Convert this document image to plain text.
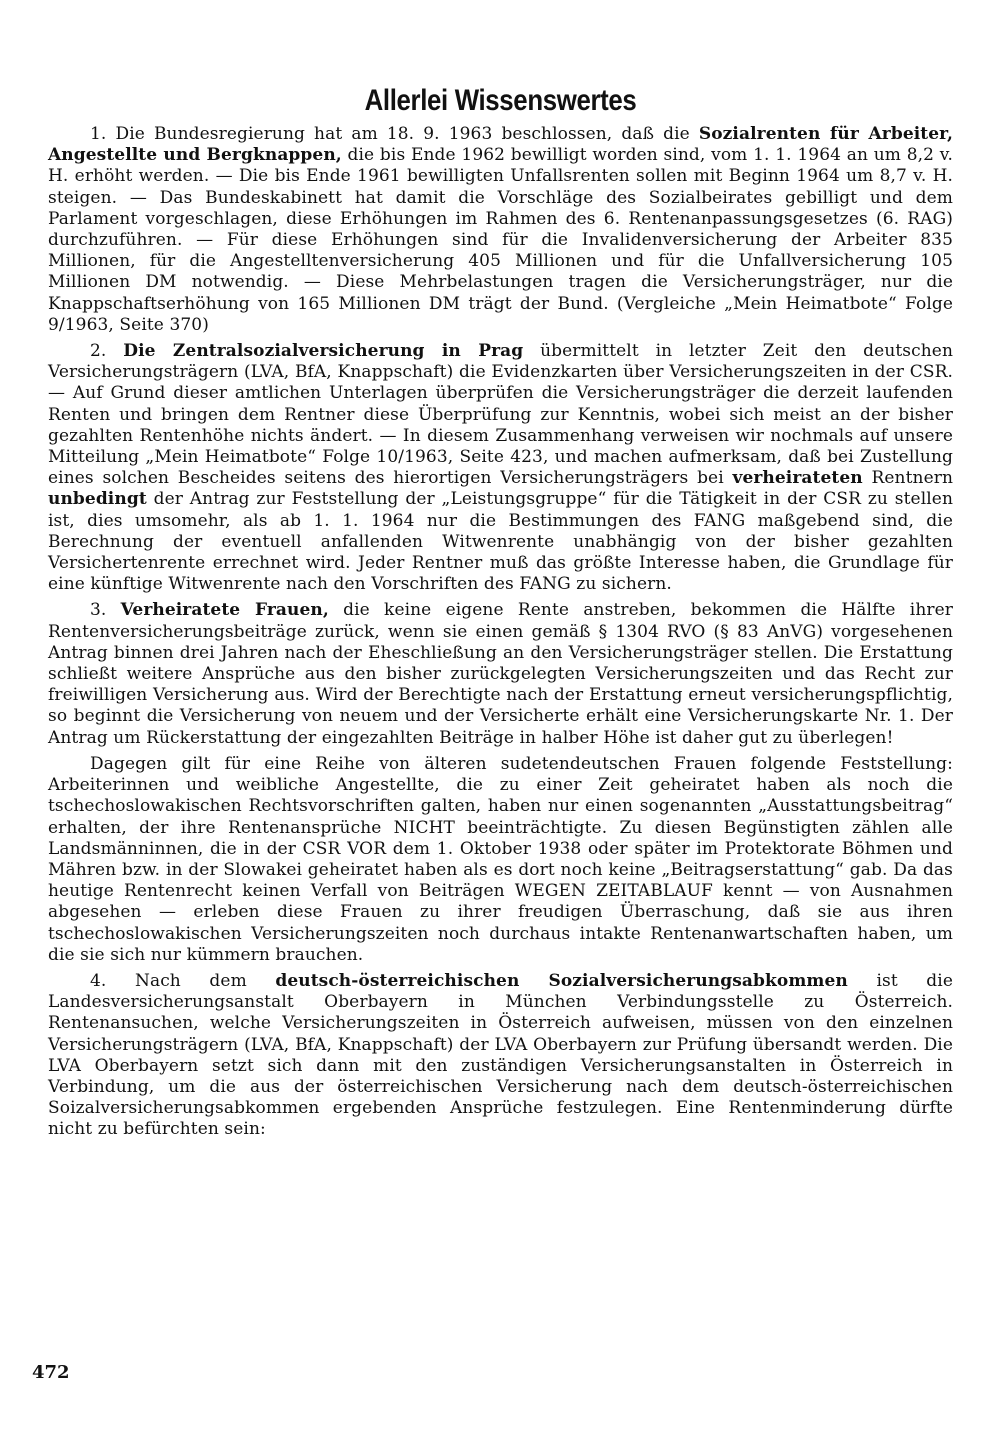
Allerlei Wissenswertes

1. Die Bundesregierung hat am 18. 9. 1963 beschlossen, daß die Sozialrenten für Arbeiter, Angestellte und Bergknappen, die bis Ende 1962 bewilligt worden sind, vom 1. 1. 1964 an um 8,2 v. H. erhöht werden. — Die bis Ende 1961 bewilligten Unfallsrenten sollen mit Beginn 1964 um 8,7 v. H. steigen. — Das Bundeskabinett hat damit die Vorschläge des Sozialbeirates gebilligt und dem Parlament vorgeschlagen, diese Erhöhungen im Rahmen des 6. Rentenanpassungsgesetzes (6. RAG) durchzuführen. — Für diese Erhöhungen sind für die Invalidenversicherung der Arbeiter 835 Millionen, für die Angestelltenversicherung 405 Millionen und für die Unfallversicherung 105 Millionen DM notwendig. — Diese Mehrbelastungen tragen die Versicherungsträger, nur die Knappschaftserhöhung von 165 Millionen DM trägt der Bund. (Vergleiche „Mein Heimatbote“ Folge 9/1963, Seite 370)

2. Die Zentralsozialversicherung in Prag übermittelt in letzter Zeit den deutschen Versicherungsträgern (LVA, BfA, Knappschaft) die Evidenzkarten über Versicherungszeiten in der CSR. — Auf Grund dieser amtlichen Unterlagen überprüfen die Versicherungsträger die derzeit laufenden Renten und bringen dem Rentner diese Überprüfung zur Kenntnis, wobei sich meist an der bisher gezahlten Rentenhöhe nichts ändert. — In diesem Zusammenhang verweisen wir nochmals auf unsere Mitteilung „Mein Heimatbote“ Folge 10/1963, Seite 423, und machen aufmerksam, daß bei Zustellung eines solchen Bescheides seitens des hierortigen Versicherungsträgers bei verheirateten Rentnern unbedingt der Antrag zur Feststellung der „Leistungsgruppe“ für die Tätigkeit in der CSR zu stellen ist, dies umsomehr, als ab 1. 1. 1964 nur die Bestimmungen des FANG maßgebend sind, die Berechnung der eventuell anfallenden Witwenrente unabhängig von der bisher gezahlten Versichertenrente errechnet wird. Jeder Rentner muß das größte Interesse haben, die Grundlage für eine künftige Witwenrente nach den Vorschriften des FANG zu sichern.

3. Verheiratete Frauen, die keine eigene Rente anstreben, bekommen die Hälfte ihrer Rentenversicherungsbeiträge zurück, wenn sie einen gemäß § 1304 RVO (§ 83 AnVG) vorgesehenen Antrag binnen drei Jahren nach der Eheschließung an den Versicherungsträger stellen. Die Erstattung schließt weitere Ansprüche aus den bisher zurückgelegten Versicherungszeiten und das Recht zur freiwilligen Versicherung aus. Wird der Berechtigte nach der Erstattung erneut versicherungspflichtig, so beginnt die Versicherung von neuem und der Versicherte erhält eine Versicherungskarte Nr. 1. Der Antrag um Rückerstattung der eingezahlten Beiträge in halber Höhe ist daher gut zu überlegen!

Dagegen gilt für eine Reihe von älteren sudetendeutschen Frauen folgende Feststellung: Arbeiterinnen und weibliche Angestellte, die zu einer Zeit geheiratet haben als noch die tschechoslowakischen Rechtsvorschriften galten, haben nur einen sogenannten „Ausstattungsbeitrag“ erhalten, der ihre Rentenansprüche NICHT beeinträchtigte. Zu diesen Begünstigten zählen alle Landsmänninnen, die in der CSR VOR dem 1. Oktober 1938 oder später im Protektorate Böhmen und Mähren bzw. in der Slowakei geheiratet haben als es dort noch keine „Beitragserstattung“ gab. Da das heutige Rentenrecht keinen Verfall von Beiträgen WEGEN ZEITABLAUF kennt — von Ausnahmen abgesehen — erleben diese Frauen zu ihrer freudigen Überraschung, daß sie aus ihren tschechoslowakischen Versicherungszeiten noch durchaus intakte Rentenanwartschaften haben, um die sie sich nur kümmern brauchen.

4. Nach dem deutsch-österreichischen Sozialversicherungsabkommen ist die Landesversicherungsanstalt Oberbayern in München Verbindungsstelle zu Österreich. Rentenansuchen, welche Versicherungszeiten in Österreich aufweisen, müssen von den einzelnen Versicherungsträgern (LVA, BfA, Knappschaft) der LVA Oberbayern zur Prüfung übersandt werden. Die LVA Oberbayern setzt sich dann mit den zuständigen Versicherungsanstalten in Österreich in Verbindung, um die aus der österreichischen Versicherung nach dem deutsch-österreichischen Soizalversicherungsabkommen ergebenden Ansprüche festzulegen. Eine Rentenminderung dürfte nicht zu befürchten sein:

472
